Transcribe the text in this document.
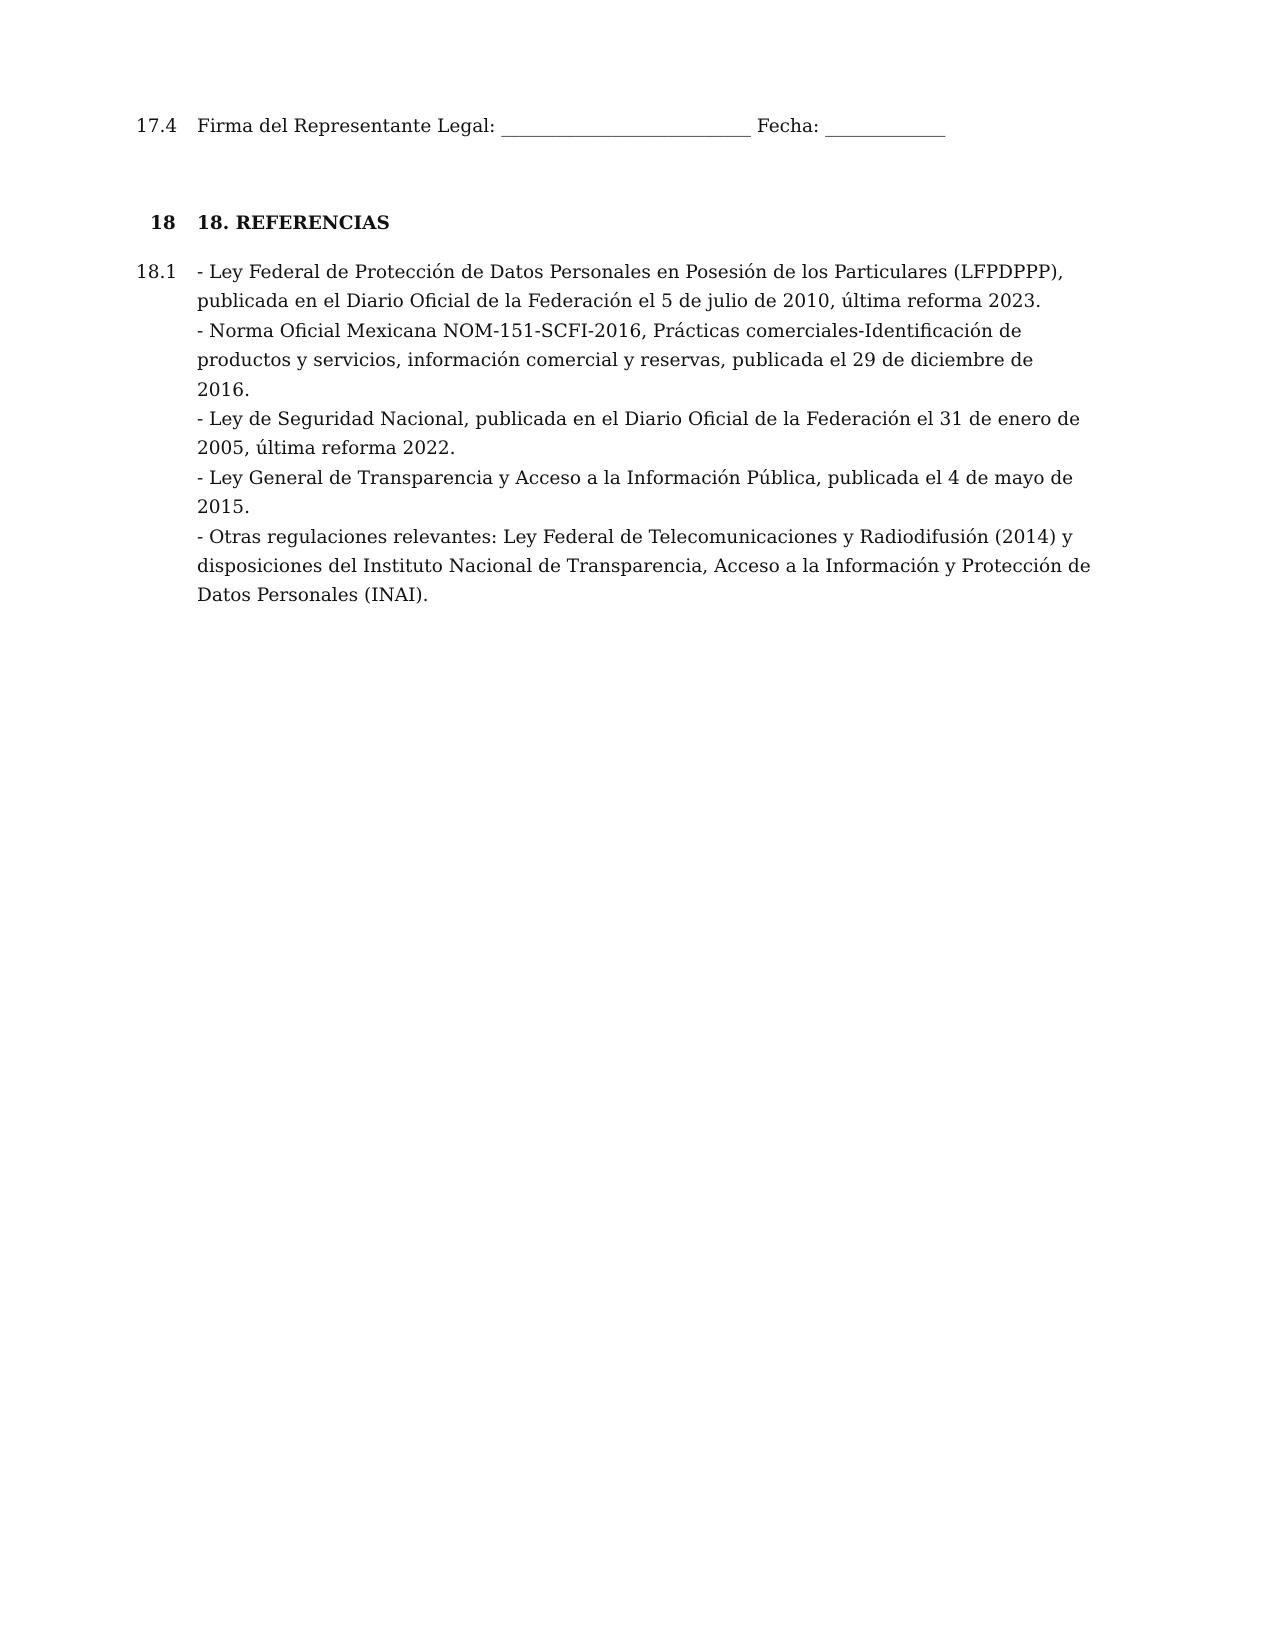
17.4 Firma del Representante Legal: ___________________________ Fecha: _____________
18 18. REFERENCIAS
18.1 - Ley Federal de Protección de Datos Personales en Posesión de los Particulares (LFPDPPP),
publicada en el Diario Oficial de la Federación el 5 de julio de 2010, última reforma 2023.
- Norma Oficial Mexicana NOM-151-SCFI-2016, Prácticas comerciales-Identificación de
productos y servicios, información comercial y reservas, publicada el 29 de diciembre de
2016.
- Ley de Seguridad Nacional, publicada en el Diario Oficial de la Federación el 31 de enero de
2005, última reforma 2022.
- Ley General de Transparencia y Acceso a la Información Pública, publicada el 4 de mayo de
2015.
- Otras regulaciones relevantes: Ley Federal de Telecomunicaciones y Radiodifusión (2014) y
disposiciones del Instituto Nacional de Transparencia, Acceso a la Información y Protección de
Datos Personales (INAI).
